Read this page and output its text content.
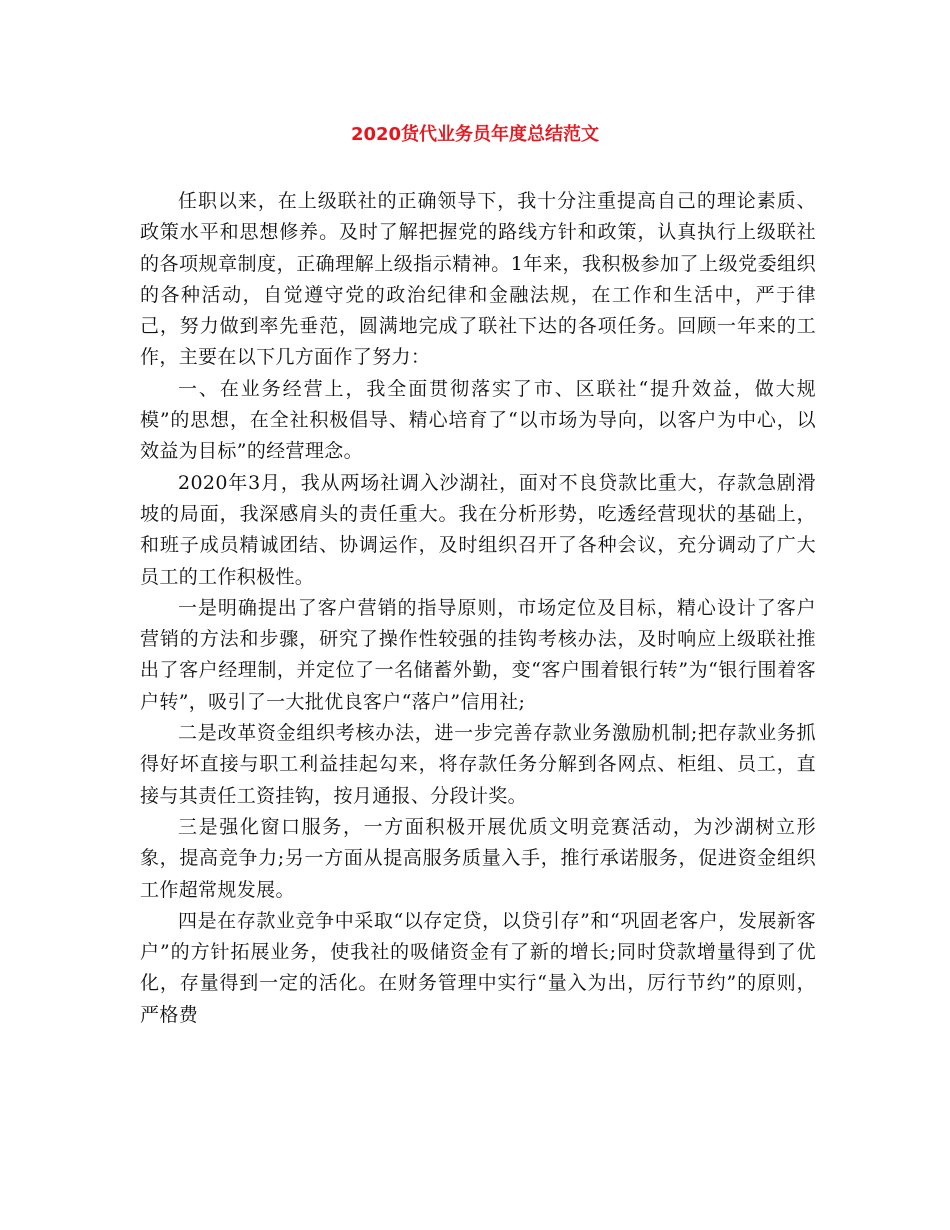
2020货代业务员年度总结范文

任职以来，在上级联社的正确领导下，我十分注重提高自己的理论素质、政策水平和思想修养。及时了解把握党的路线方针和政策，认真执行上级联社的各项规章制度，正确理解上级指示精神。1年来，我积极参加了上级党委组织的各种活动，自觉遵守党的政治纪律和金融法规，在工作和生活中，严于律己，努力做到率先垂范，圆满地完成了联社下达的各项任务。回顾一年来的工作，主要在以下几方面作了努力：

一、在业务经营上，我全面贯彻落实了市、区联社“提升效益，做大规模”的思想，在全社积极倡导、精心培育了“以市场为导向，以客户为中心，以效益为目标”的经营理念。

2020年3月，我从两场社调入沙湖社，面对不良贷款比重大，存款急剧滑坡的局面，我深感肩头的责任重大。我在分析形势，吃透经营现状的基础上，和班子成员精诚团结、协调运作，及时组织召开了各种会议，充分调动了广大员工的工作积极性。

一是明确提出了客户营销的指导原则，市场定位及目标，精心设计了客户营销的方法和步骤，研究了操作性较强的挂钩考核办法，及时响应上级联社推出了客户经理制，并定位了一名储蓄外勤，变“客户围着银行转”为“银行围着客户转”，吸引了一大批优良客户“落户”信用社;

二是改革资金组织考核办法，进一步完善存款业务激励机制;把存款业务抓得好坏直接与职工利益挂起勾来，将存款任务分解到各网点、柜组、员工，直接与其责任工资挂钩，按月通报、分段计奖。

三是强化窗口服务，一方面积极开展优质文明竞赛活动，为沙湖树立形象，提高竞争力;另一方面从提高服务质量入手，推行承诺服务，促进资金组织工作超常规发展。

四是在存款业竞争中采取“以存定贷，以贷引存”和“巩固老客户，发展新客户”的方针拓展业务，使我社的吸储资金有了新的增长;同时贷款增量得到了优化，存量得到一定的活化。在财务管理中实行“量入为出，厉行节约”的原则，严格费
